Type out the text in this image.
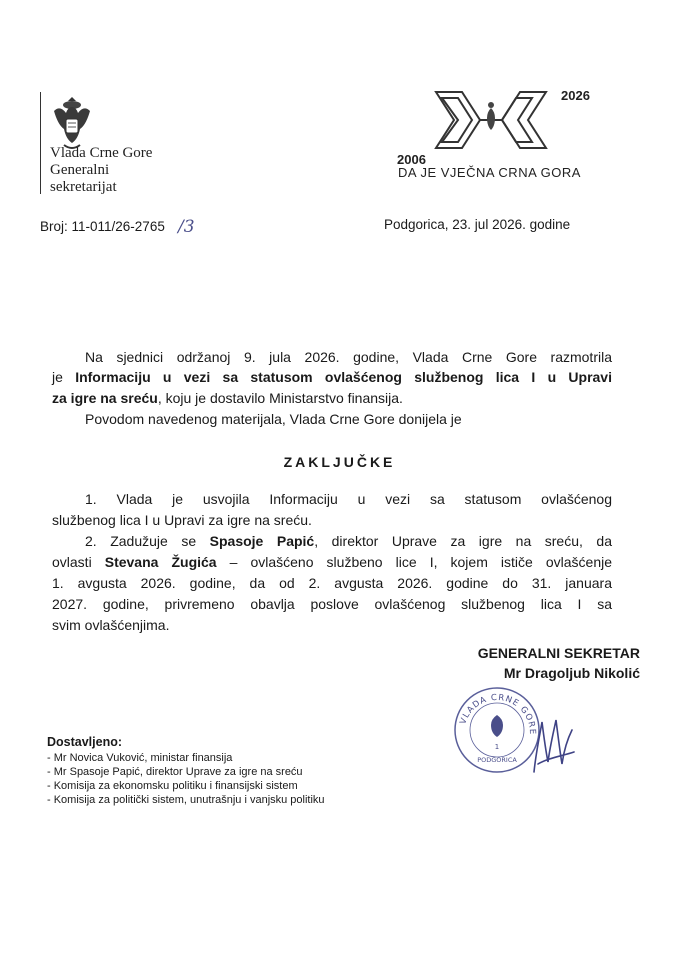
Vlada Crne Gore
Generalni
sekretarijat
2006
2026
DA JE VJEČNA CRNA GORA
Broj: 11-011/26-2765 /3	Podgorica, 23. jul 2026. godine
Na sjednici održanoj 9. jula 2026. godine, Vlada Crne Gore razmotrila
je Informaciju u vezi sa statusom ovlašćenog službenog lica I u Upravi
za igre na sreću, koju je dostavilo Ministarstvo finansija.
Povodom navedenog materijala, Vlada Crne Gore donijela je
ZAKLJUČKE
1. Vlada je usvojila Informaciju u vezi sa statusom ovlašćenog
službenog lica I u Upravi za igre na sreću.
2. Zadužuje se Spasoje Papić, direktor Uprave za igre na sreću, da
ovlasti Stevana Žugića – ovlašćeno službeno lice I, kojem ističe ovlašćenje
1. avgusta 2026. godine, da od 2. avgusta 2026. godine do 31. januara
2027. godine, privremeno obavlja poslove ovlašćenog službenog lica I sa
svim ovlašćenjima.
GENERALNI SEKRETAR
Mr Dragoljub Nikolić
VLADA CRNE GORE
1
PODGORICA
Dostavljeno:
- Mr Novica Vuković, ministar finansija
- Mr Spasoje Papić, direktor Uprave za igre na sreću
- Komisija za ekonomsku politiku i finansijski sistem
- Komisija za politički sistem, unutrašnju i vanjsku politiku
